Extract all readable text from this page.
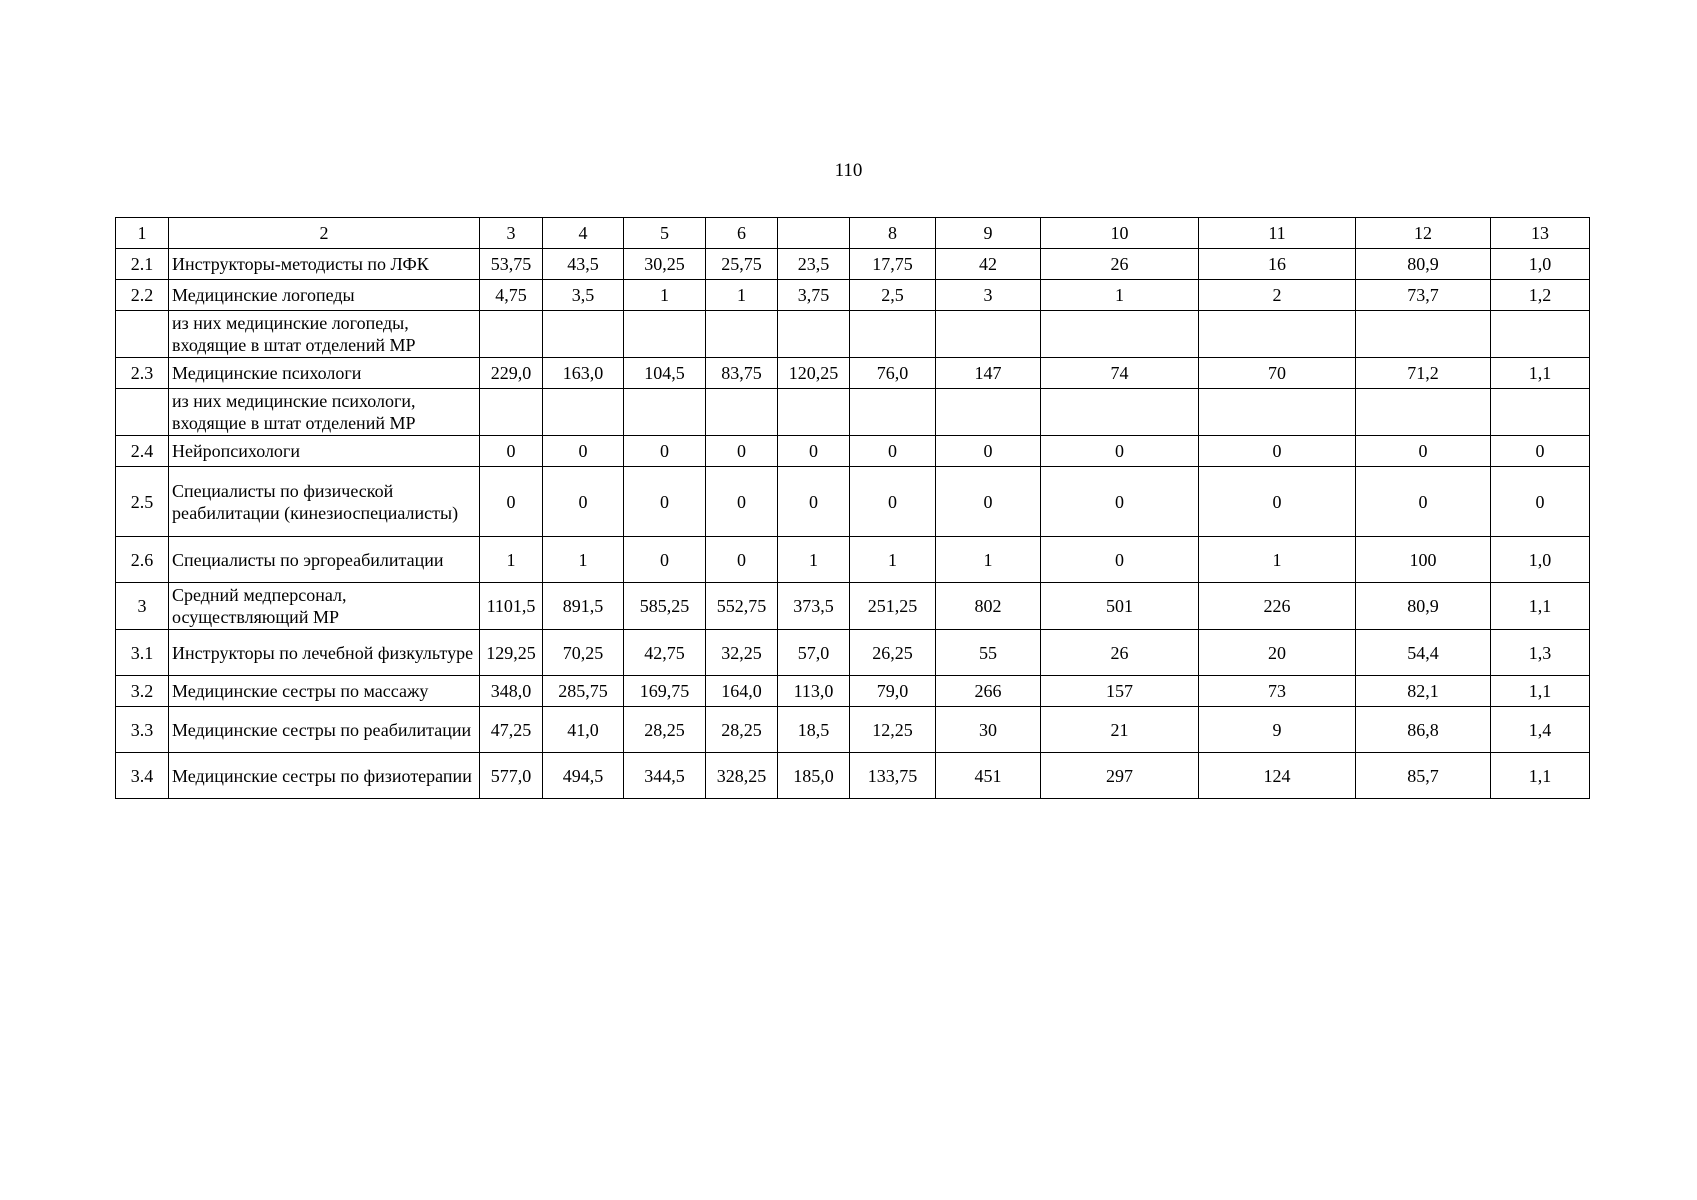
110
1	2	3	4	5	6		8	9	10	11	12	13
2.1	Инструкторы-методисты по ЛФК	53,75	43,5	30,25	25,75	23,5	17,75	42	26	16	80,9	1,0
2.2	Медицинские логопеды	4,75	3,5	1	1	3,75	2,5	3	1	2	73,7	1,2
	из них медицинские логопеды, входящие в штат отделений МР											
2.3	Медицинские психологи	229,0	163,0	104,5	83,75	120,25	76,0	147	74	70	71,2	1,1
	из них медицинские психологи, входящие в штат отделений МР											
2.4	Нейропсихологи	0	0	0	0	0	0	0	0	0	0	0
2.5	Специалисты по физической реабилитации (кинезиоспециалисты)	0	0	0	0	0	0	0	0	0	0	0
2.6	Специалисты по эргореабилитации	1	1	0	0	1	1	1	0	1	100	1,0
3	Средний медперсонал, осуществляющий МР	1101,5	891,5	585,25	552,75	373,5	251,25	802	501	226	80,9	1,1
3.1	Инструкторы по лечебной физкультуре	129,25	70,25	42,75	32,25	57,0	26,25	55	26	20	54,4	1,3
3.2	Медицинские сестры по массажу	348,0	285,75	169,75	164,0	113,0	79,0	266	157	73	82,1	1,1
3.3	Медицинские сестры по реабилитации	47,25	41,0	28,25	28,25	18,5	12,25	30	21	9	86,8	1,4
3.4	Медицинские сестры по физиотерапии	577,0	494,5	344,5	328,25	185,0	133,75	451	297	124	85,7	1,1
